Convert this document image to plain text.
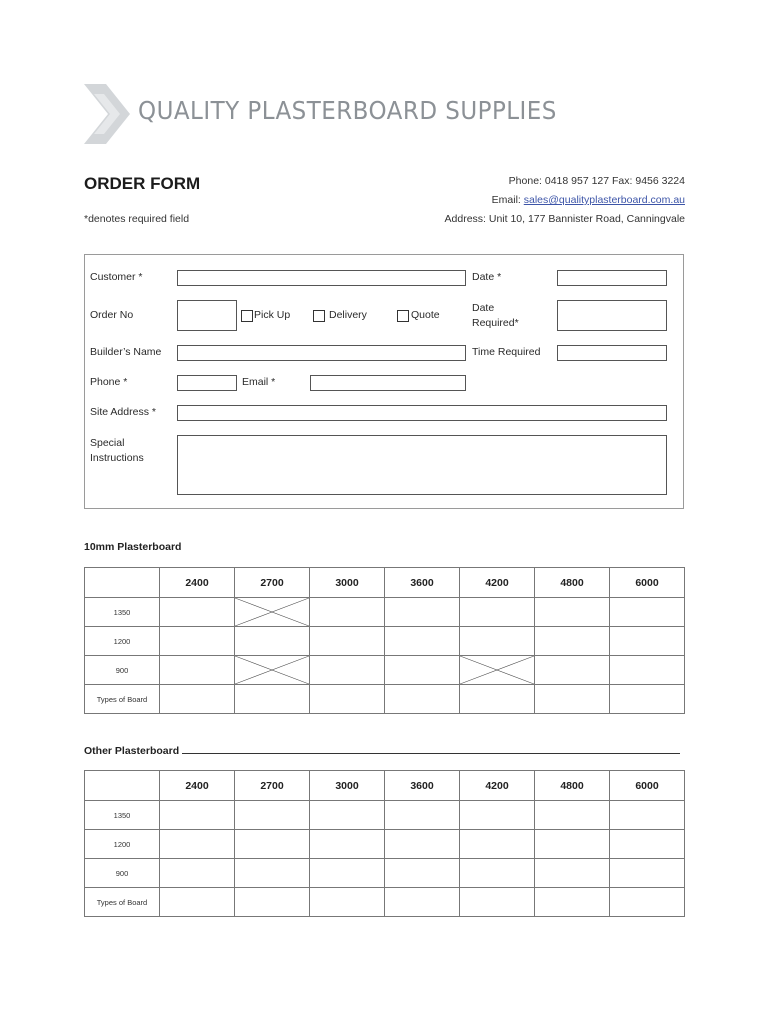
QUALITY PLASTERBOARD SUPPLIES
ORDER FORM
*denotes required field
Phone: 0418 957 127 Fax: 9456 3224
Email: sales@qualityplasterboard.com.au
Address: Unit 10, 177 Bannister Road, Canningvale
Customer *	Date *
Order No	Pick Up	Delivery	Quote
Date
Required*
Builder’s Name	Time Required
Phone *	Email *
Site Address *
Special
Instructions
10mm Plasterboard
	2400	2700	3000	3600	4200	4800	6000
1350		

1200							
900		

Types of Board							
Other Plasterboard
	2400	2700	3000	3600	4200	4800	6000
1350							
1200							
900							
Types of Board							
